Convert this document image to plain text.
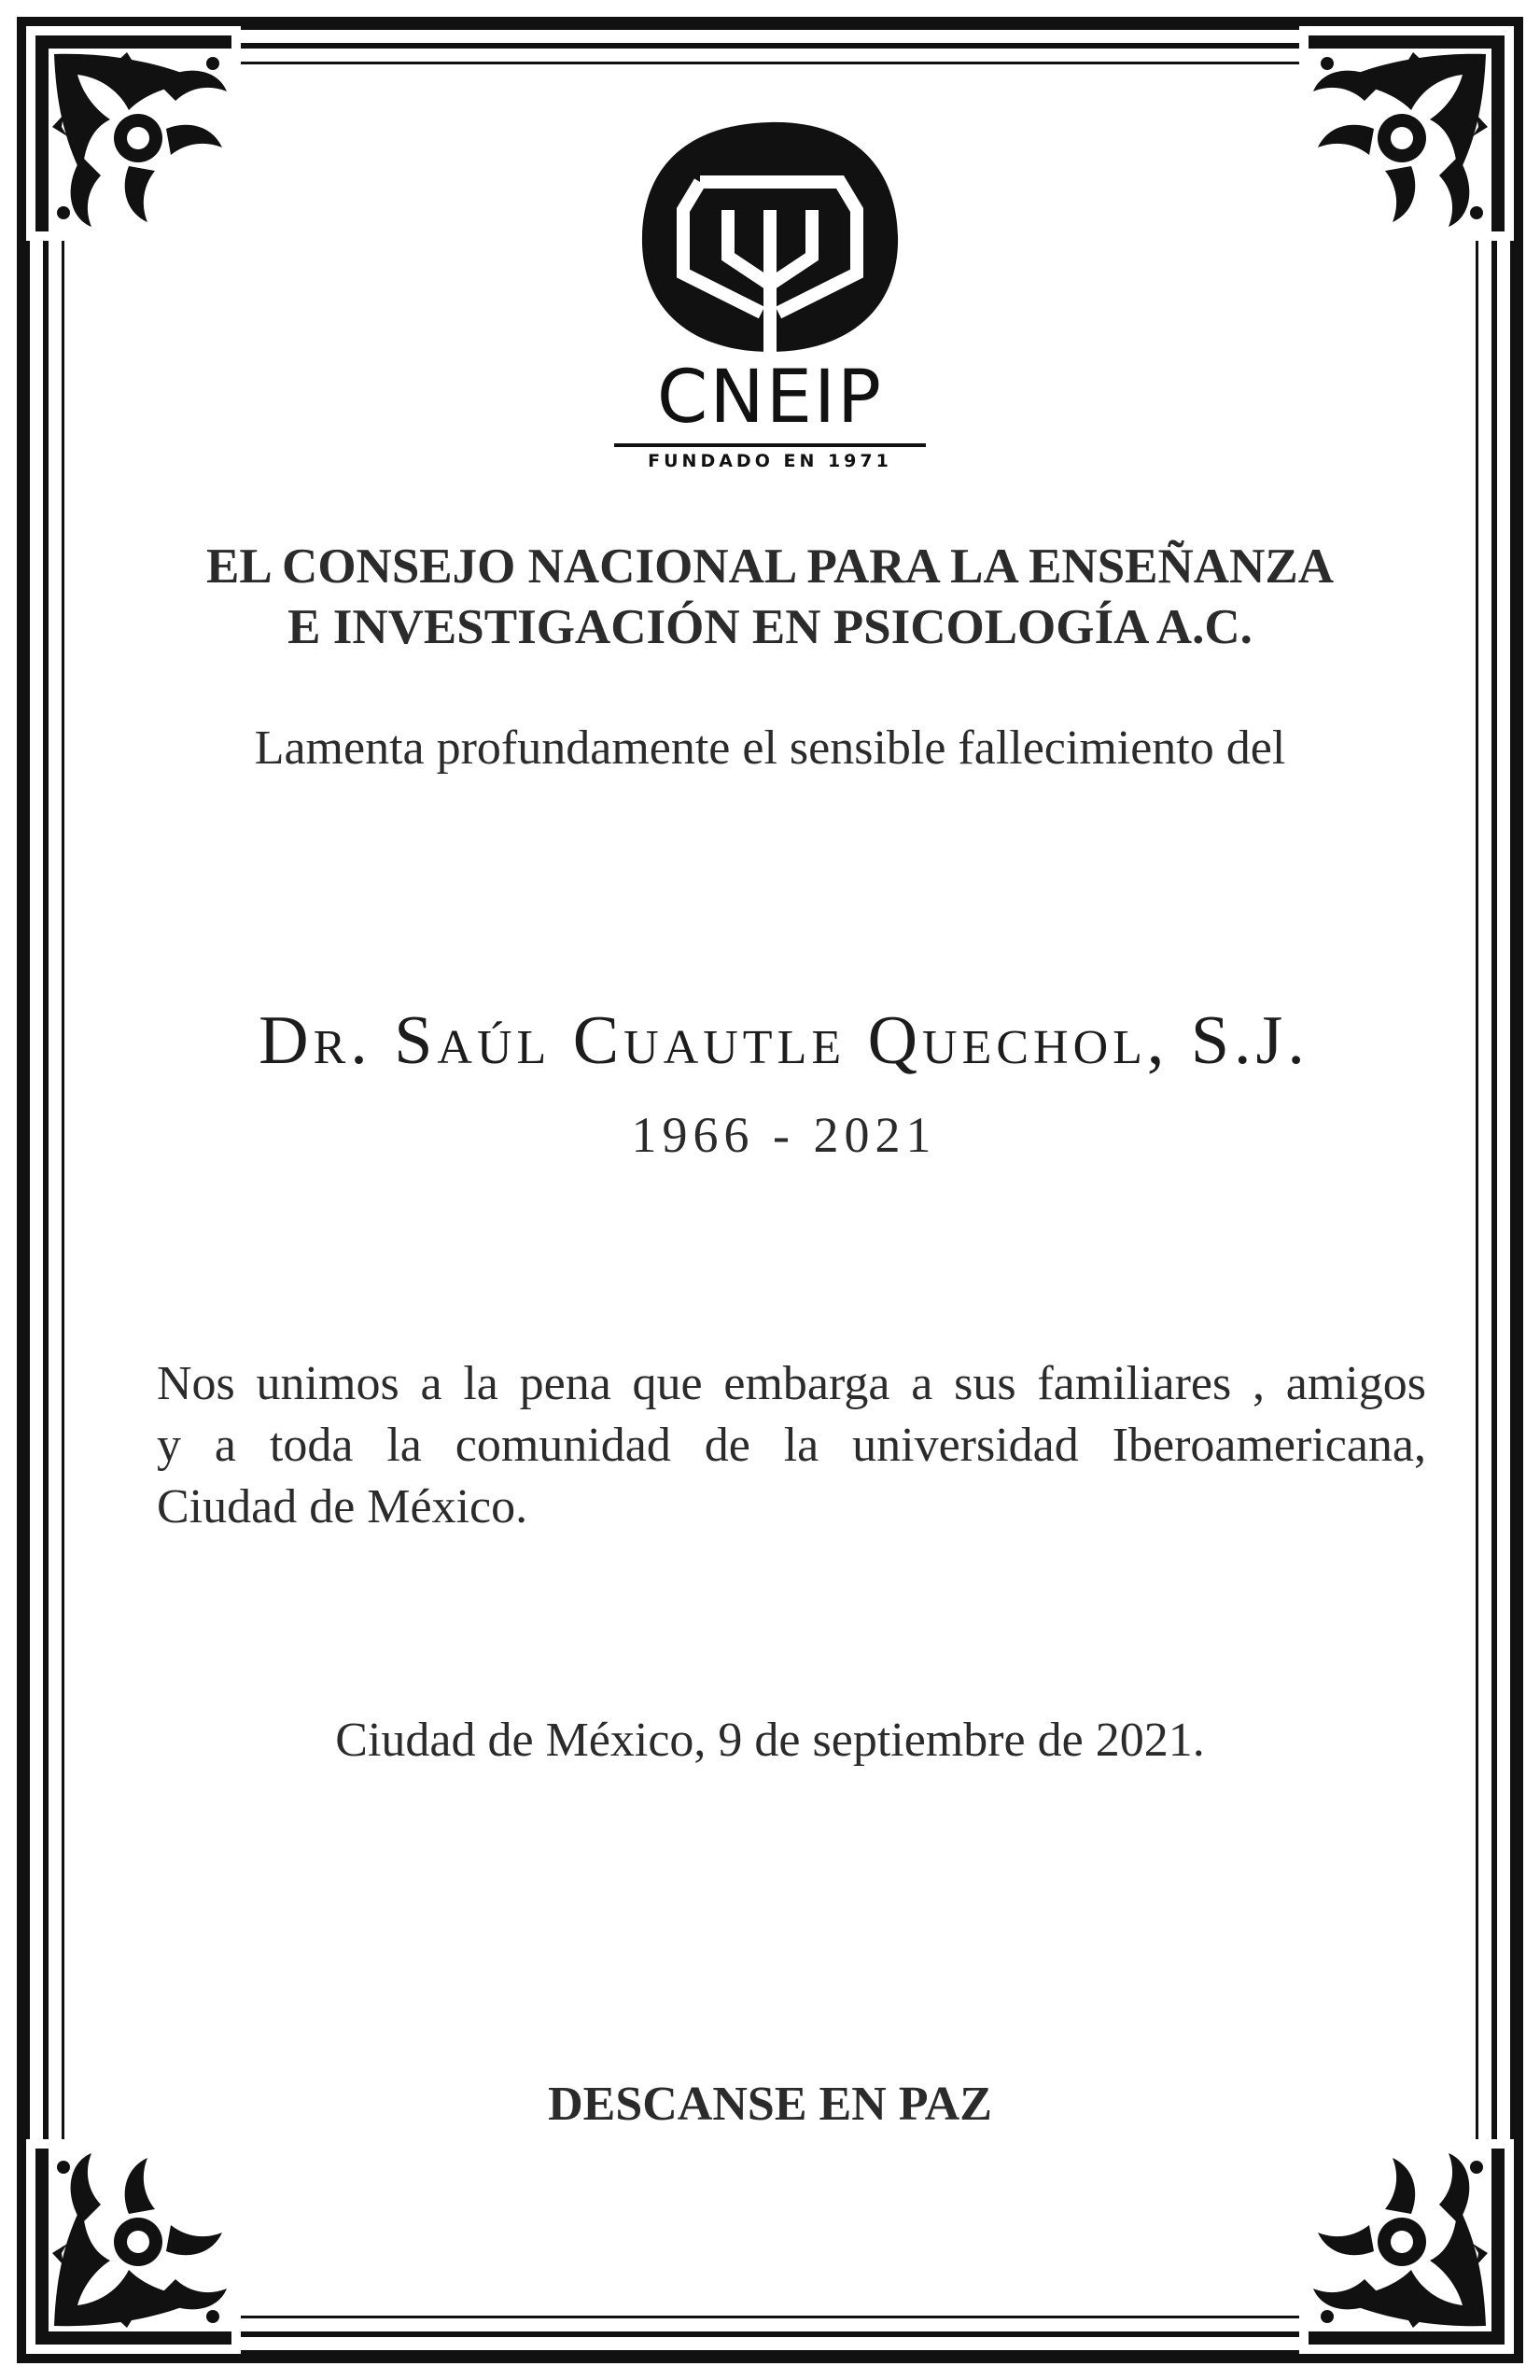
CNEIP
FUNDADO EN 1971
EL CONSEJO NACIONAL PARA LA ENSEÑANZA
E INVESTIGACIÓN EN PSICOLOGÍA A.C.
Lamenta profundamente el sensible fallecimiento del
Dr. Saúl Cuautle Quechol, S.J.
1966 - 2021
Nos unimos a la pena que embarga a sus familiares , amigos
y a toda la comunidad de la universidad Iberoamericana,
Ciudad de México.
Ciudad de México, 9 de septiembre de 2021.
DESCANSE EN PAZ
